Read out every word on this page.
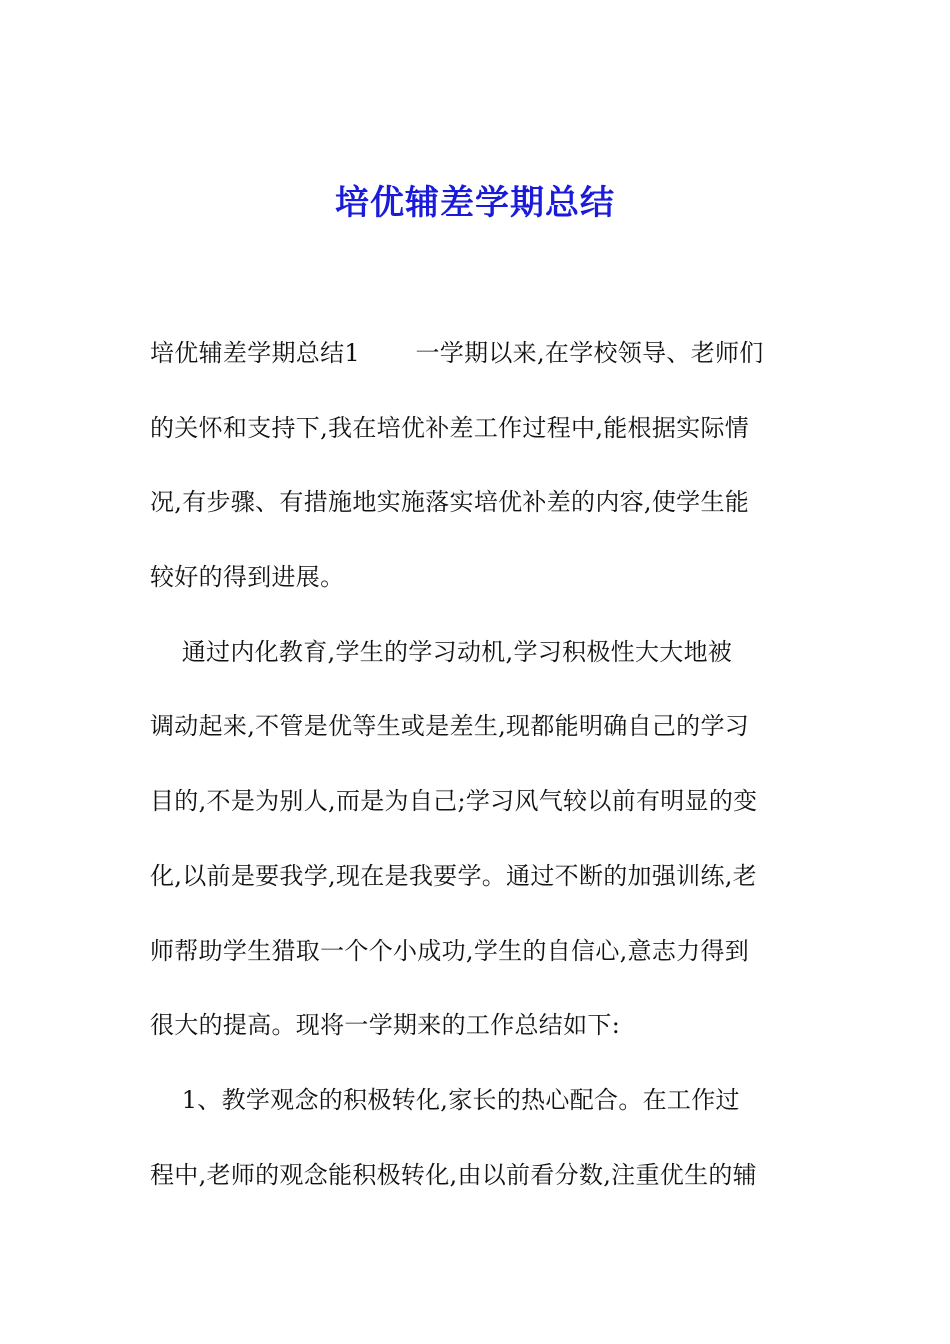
培优辅差学期总结
培优辅差学期总结1       一学期以来,在学校领导、老师们
的关怀和支持下,我在培优补差工作过程中,能根据实际情
况,有步骤、有措施地实施落实培优补差的内容,使学生能
较好的得到进展。
通过内化教育,学生的学习动机,学习积极性大大地被
调动起来,不管是优等生或是差生,现都能明确自己的学习
目的,不是为别人,而是为自己;学习风气较以前有明显的变
化,以前是要我学,现在是我要学。通过不断的加强训练,老
师帮助学生猎取一个个小成功,学生的自信心,意志力得到
很大的提高。现将一学期来的工作总结如下:
1、教学观念的积极转化,家长的热心配合。在工作过
程中,老师的观念能积极转化,由以前看分数,注重优生的辅
